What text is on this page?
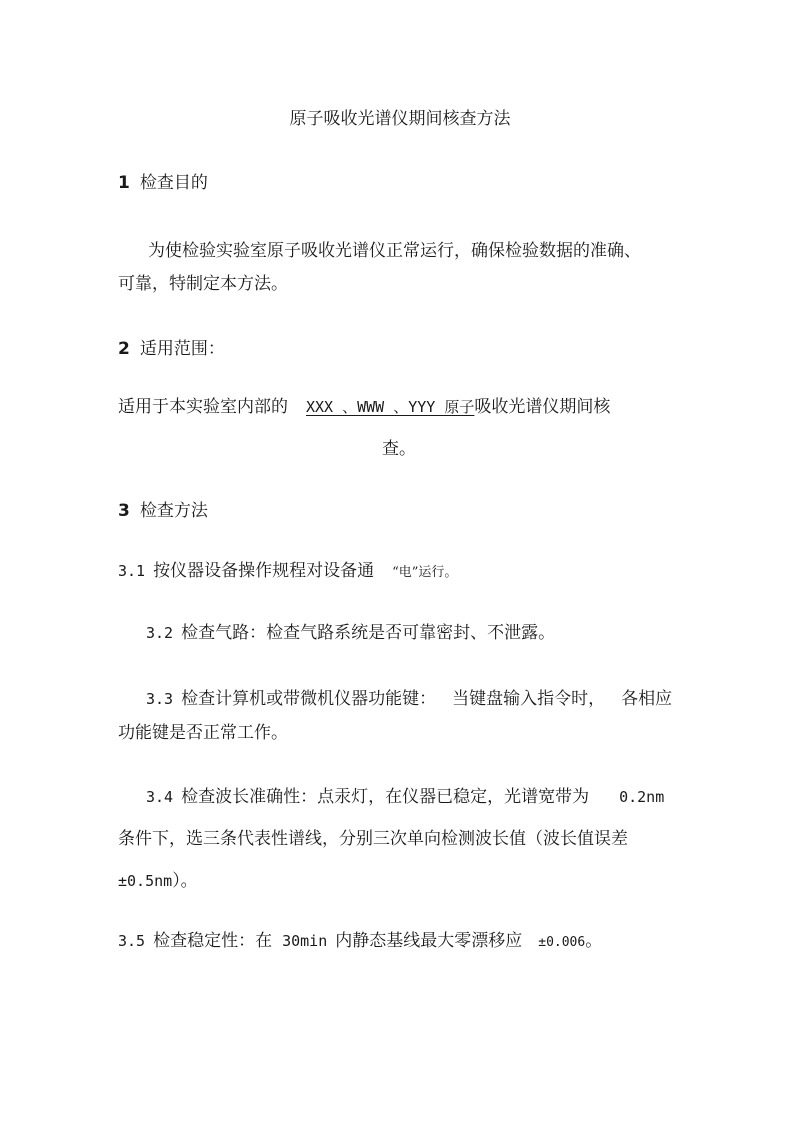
原子吸收光谱仪期间核查方法
1 检查目的
为使检验实验室原子吸收光谱仪正常运行，确保检验数据的准确、
可靠，特制定本方法。
2 适用范围：
适用于本实验室内部的 XXX 、WWW 、YYY 原子吸收光谱仪期间核
查。
3 检查方法
3.1 按仪器设备操作规程对设备通 “电”运行。
3.2 检查气路：检查气路系统是否可靠密封、不泄露。
3.3 检查计算机或带微机仪器功能键： 当键盘输入指令时， 各相应
功能键是否正常工作。
3.4 检查波长准确性：点汞灯，在仪器已稳定，光谱宽带为 0.2nm
条件下，选三条代表性谱线，分别三次单向检测波长值（波长值误差
±0.5nm）。
3.5 检查稳定性：在 30min 内静态基线最大零漂移应 ±0.006。
